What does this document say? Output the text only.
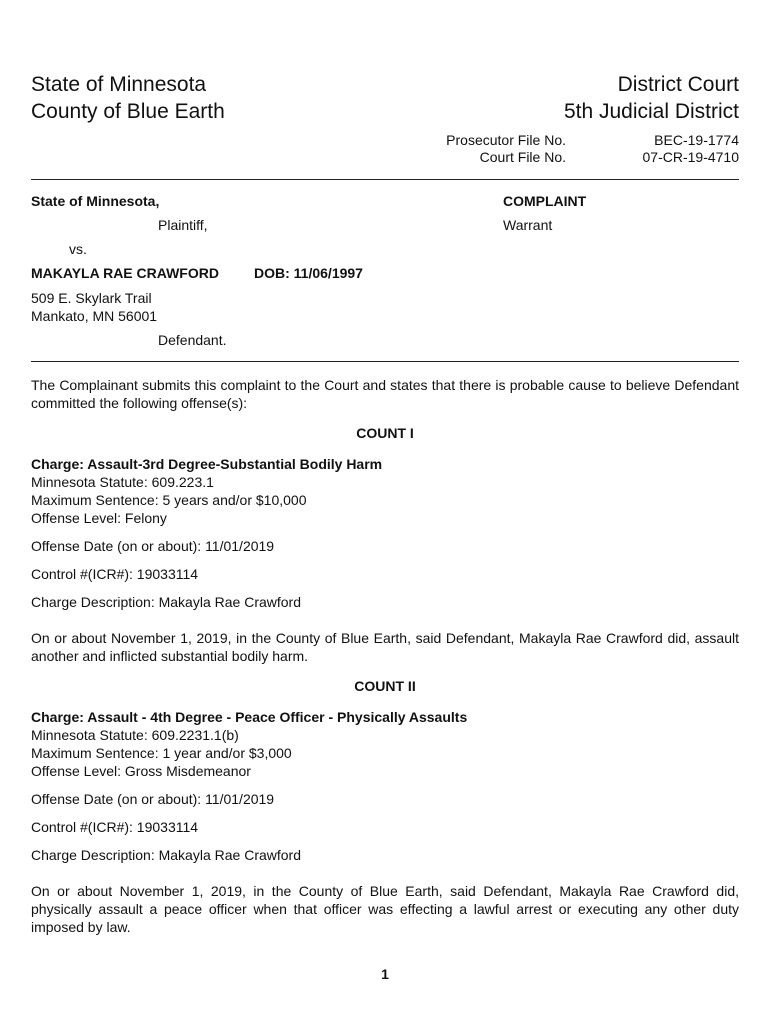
State of Minnesota
County of Blue Earth
District Court
5th Judicial District
Prosecutor File No.	BEC-19-1774
Court File No.	07-CR-19-4710
State of Minnesota,
Plaintiff,
vs.
MAKAYLA RAE CRAWFORD	DOB: 11/06/1997
509 E. Skylark Trail
Mankato, MN 56001
Defendant.
COMPLAINT
Warrant
The Complainant submits this complaint to the Court and states that there is probable cause to believe Defendant committed the following offense(s):
COUNT I
Charge: Assault-3rd Degree-Substantial Bodily Harm
Minnesota Statute: 609.223.1
Maximum Sentence: 5 years and/or $10,000
Offense Level: Felony
Offense Date (on or about): 11/01/2019
Control #(ICR#): 19033114
Charge Description: Makayla Rae Crawford
On or about November 1, 2019, in the County of Blue Earth, said Defendant, Makayla Rae Crawford did, assault another and inflicted substantial bodily harm.
COUNT II
Charge: Assault - 4th Degree - Peace Officer - Physically Assaults
Minnesota Statute: 609.2231.1(b)
Maximum Sentence: 1 year and/or $3,000
Offense Level: Gross Misdemeanor
Offense Date (on or about): 11/01/2019
Control #(ICR#): 19033114
Charge Description: Makayla Rae Crawford
On or about November 1, 2019, in the County of Blue Earth, said Defendant, Makayla Rae Crawford did, physically assault a peace officer when that officer was effecting a lawful arrest or executing any other duty imposed by law.
1
